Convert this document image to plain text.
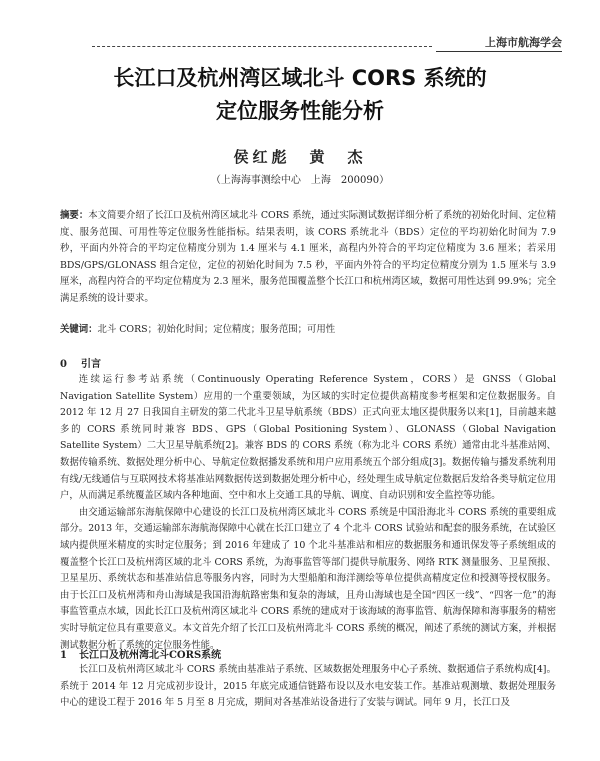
上海市航海学会
长江口及杭州湾区域北斗 CORS 系统的
定位服务性能分析
侯红彪　黄　杰
（上海海事测绘中心　上海　200090）
摘要：本文简要介绍了长江口及杭州湾区域北斗 CORS 系统，通过实际测试数据详细分析了系统的初始化时间、定位精度、服务范围、可用性等定位服务性能指标。结果表明，该 CORS 系统北斗（BDS）定位的平均初始化时间为 7.9 秒，平面内外符合的平均定位精度分别为 1.4 厘米与 4.1 厘米，高程内外符合的平均定位精度为 3.6 厘米；若采用 BDS/GPS/GLONASS 组合定位，定位的初始化时间为 7.5 秒，平面内外符合的平均定位精度分别为 1.5 厘米与 3.9 厘米，高程内符合的平均定位精度为 2.3 厘米，服务范围覆盖整个长江口和杭州湾区域，数据可用性达到 99.9%；完全满足系统的设计要求。
关键词：北斗 CORS；初始化时间；定位精度；服务范围；可用性
0 引言

连续运行参考站系统（Continuously Operating Reference System，CORS）是 GNSS（Global Navigation Satellite System）应用的一个重要领域，为区域的实时定位提供高精度参考框架和定位数据服务。自 2012 年 12 月 27 日我国自主研发的第二代北斗卫星导航系统（BDS）正式向亚太地区提供服务以来[1]，目前越来越多的 CORS 系统同时兼容 BDS、GPS（Global Positioning System）、GLONASS（Global Navigation Satellite System）二大卫星导航系统[2]。兼容 BDS 的 CORS 系统（称为北斗 CORS 系统）通常由北斗基准站网、数据传输系统、数据处理分析中心、导航定位数据播发系统和用户应用系统五个部分组成[3]。数据传输与播发系统利用有线/无线通信与互联网技术将基准站网数据传送到数据处理分析中心，经处理生成导航定位数据后发给各类导航定位用户，从而满足系统覆盖区域内各种地面、空中和水上交通工具的导航、调度、自动识别和安全监控等功能。

由交通运输部东海航保障中心建设的长江口及杭州湾区域北斗 CORS 系统是中国沿海北斗 CORS 系统的重要组成部分。2013 年，交通运输部东海航海保障中心就在长江口建立了 4 个北斗 CORS 试验站和配套的服务系统，在试验区域内提供厘米精度的实时定位服务；到 2016 年建成了 10 个北斗基准站和相应的数据服务和通讯保发等子系统组成的覆盖整个长江口及杭州湾区域的北斗 CORS 系统，为海事监管等部门提供导航服务、网络 RTK 测量服务、卫星预报、卫星星历、系统状态和基准站信息等服务内容，同时为大型船舶和海洋测绘等单位提供高精度定位和授测等授权服务。由于长江口及杭州湾和舟山海域是我国沿海航路密集和复杂的海域，且舟山海域也是全国“四区一线”、“四客一危”的海事监管重点水域，因此长江口及杭州湾区域北斗 CORS 系统的建成对于该海域的海事监管、航海保障和海事服务的精密实时导航定位具有重要意义。本文首先介绍了长江口及杭州湾北斗 CORS 系统的概况，阐述了系统的测试方案，并根据测试数据分析了系统的定位服务性能。

1 长江口及杭州湾北斗CORS系统

长江口及杭州湾区域北斗 CORS 系统由基准站子系统、区域数据处理服务中心子系统、数据通信子系统构成[4]。系统于 2014 年 12 月完成初步设计，2015 年底完成通信链路布设以及水电安装工作。基准站观测墩、数据处理服务中心的建设工程于 2016 年 5 月至 8 月完成，期间对各基准站设备进行了安装与调试。同年 9 月，长江口及
